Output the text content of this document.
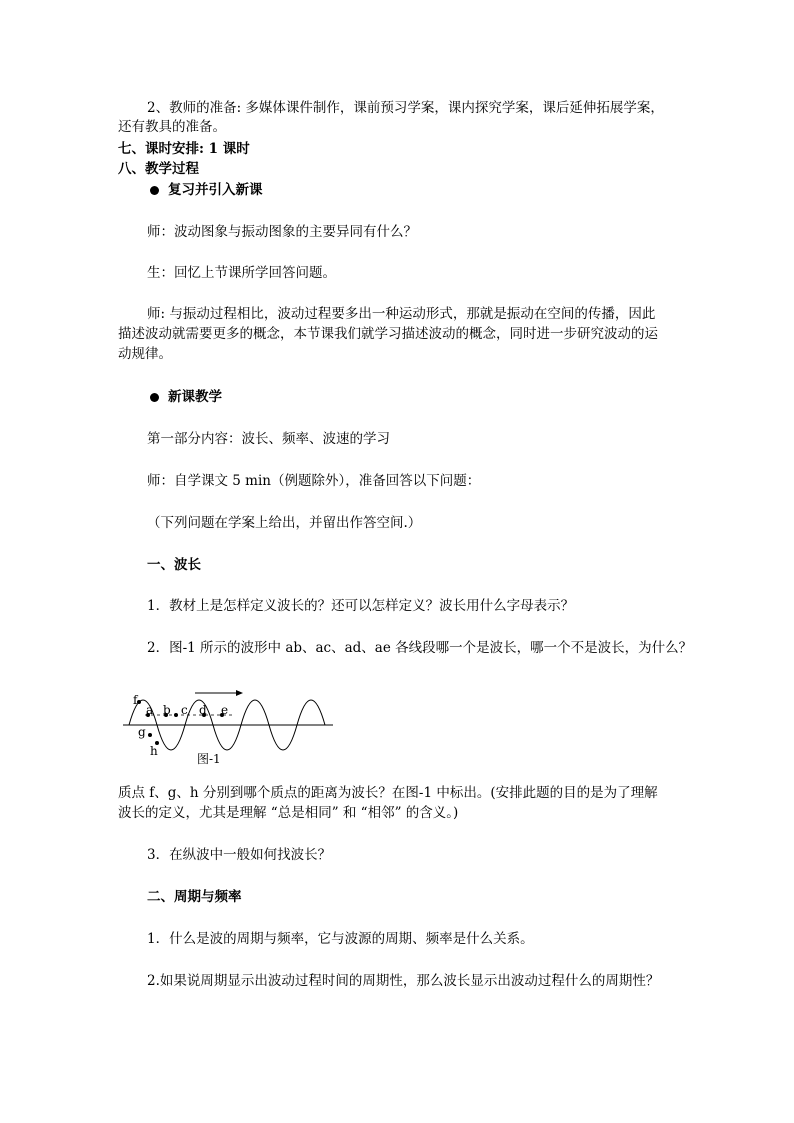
2、教师的准备: 多媒体课件制作，课前预习学案，课内探究学案，课后延伸拓展学案，
还有教具的准备。
七、课时安排: 1 课时
八、教学过程
复习并引入新课
师：波动图象与振动图象的主要异同有什么？
生：回忆上节课所学回答问题。
师: 与振动过程相比，波动过程要多出一种运动形式，那就是振动在空间的传播，因此
描述波动就需要更多的概念，本节课我们就学习描述波动的概念，同时进一步研究波动的运
动规律。
新课教学
第一部分内容：波长、频率、波速的学习
师：自学课文 5 min（例题除外），准备回答以下问题：
（下列问题在学案上给出，并留出作答空间.）
一、波长
1．教材上是怎样定义波长的？还可以怎样定义？波长用什么字母表示？
2．图-1 所示的波形中 ab、ac、ad、ae 各线段哪一个是波长，哪一个不是波长，为什么？
f
a b c d e
g
h
图-1
质点 f、g、h 分别到哪个质点的距离为波长？在图-1 中标出。(安排此题的目的是为了理解
波长的定义，尤其是理解 “总是相同” 和 “相邻” 的含义。)
3．在纵波中一般如何找波长？
二、周期与频率
1．什么是波的周期与频率，它与波源的周期、频率是什么关系。
2.如果说周期显示出波动过程时间的周期性，那么波长显示出波动过程什么的周期性？
